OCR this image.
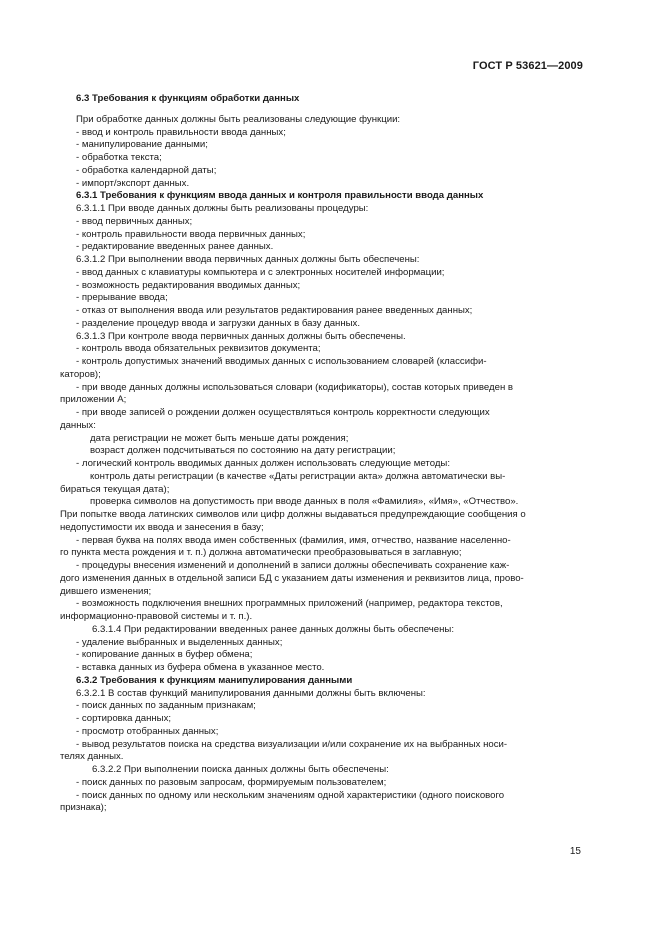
ГОСТ Р 53621—2009

6.3 Требования к функциям обработки данных

При обработке данных должны быть реализованы следующие функции:

- ввод и контроль правильности ввода данных;

- манипулирование данными;

- обработка текста;

- обработка календарной даты;

- импорт/экспорт данных.

6.3.1 Требования к функциям ввода данных и контроля правильности ввода данных

6.3.1.1 При вводе данных должны быть реализованы процедуры:

- ввод первичных данных;

- контроль правильности ввода первичных данных;

- редактирование введенных ранее данных.

6.3.1.2 При выполнении ввода первичных данных должны быть обеспечены:

- ввод данных с клавиатуры компьютера и с электронных носителей информации;

- возможность редактирования вводимых данных;

- прерывание ввода;

- отказ от выполнения ввода или результатов редактирования ранее введенных данных;

- разделение процедур ввода и загрузки данных в базу данных.

6.3.1.3 При контроле ввода первичных данных должны быть обеспечены.

- контроль ввода обязательных реквизитов документа;

- контроль допустимых значений вводимых данных с использованием словарей (классифи-

каторов);

- при вводе данных должны использоваться словари (кодификаторы), состав которых приведен в

приложении А;

- при вводе записей о рождении должен осуществляться контроль корректности следующих

данных:

дата регистрации не может быть меньше даты рождения;

возраст должен подсчитываться по состоянию на дату регистрации;

- логический контроль вводимых данных должен использовать следующие методы:

контроль даты регистрации (в качестве «Даты регистрации акта» должна автоматически вы-

бираться текущая дата);

проверка символов на допустимость при вводе данных в поля «Фамилия», «Имя», «Отчество».

При попытке ввода латинских символов или цифр должны выдаваться предупреждающие сообщения о

недопустимости их ввода и занесения в базу;

- первая буква на полях ввода имен собственных (фамилия, имя, отчество, название населенно-

го пункта места рождения и т. п.) должна автоматически преобразовываться в заглавную;

- процедуры внесения изменений и дополнений в записи должны обеспечивать сохранение каж-

дого изменения данных в отдельной записи БД с указанием даты изменения и реквизитов лица, прово-

дившего изменения;

- возможность подключения внешних программных приложений (например, редактора текстов,

информационно-правовой системы и т. п.).

6.3.1.4 При редактировании введенных ранее данных должны быть обеспечены:

- удаление выбранных и выделенных данных;

- копирование данных в буфер обмена;

- вставка данных из буфера обмена в указанное место.

6.3.2 Требования к функциям манипулирования данными

6.3.2.1 В состав функций манипулирования данными должны быть включены:

- поиск данных по заданным признакам;

- сортировка данных;

- просмотр отобранных данных;

- вывод результатов поиска на средства визуализации и/или сохранение их на выбранных носи-

телях данных.

6.3.2.2 При выполнении поиска данных должны быть обеспечены:

- поиск данных по разовым запросам, формируемым пользователем;

- поиск данных по одному или нескольким значениям одной характеристики (одного поискового

признака);

15
